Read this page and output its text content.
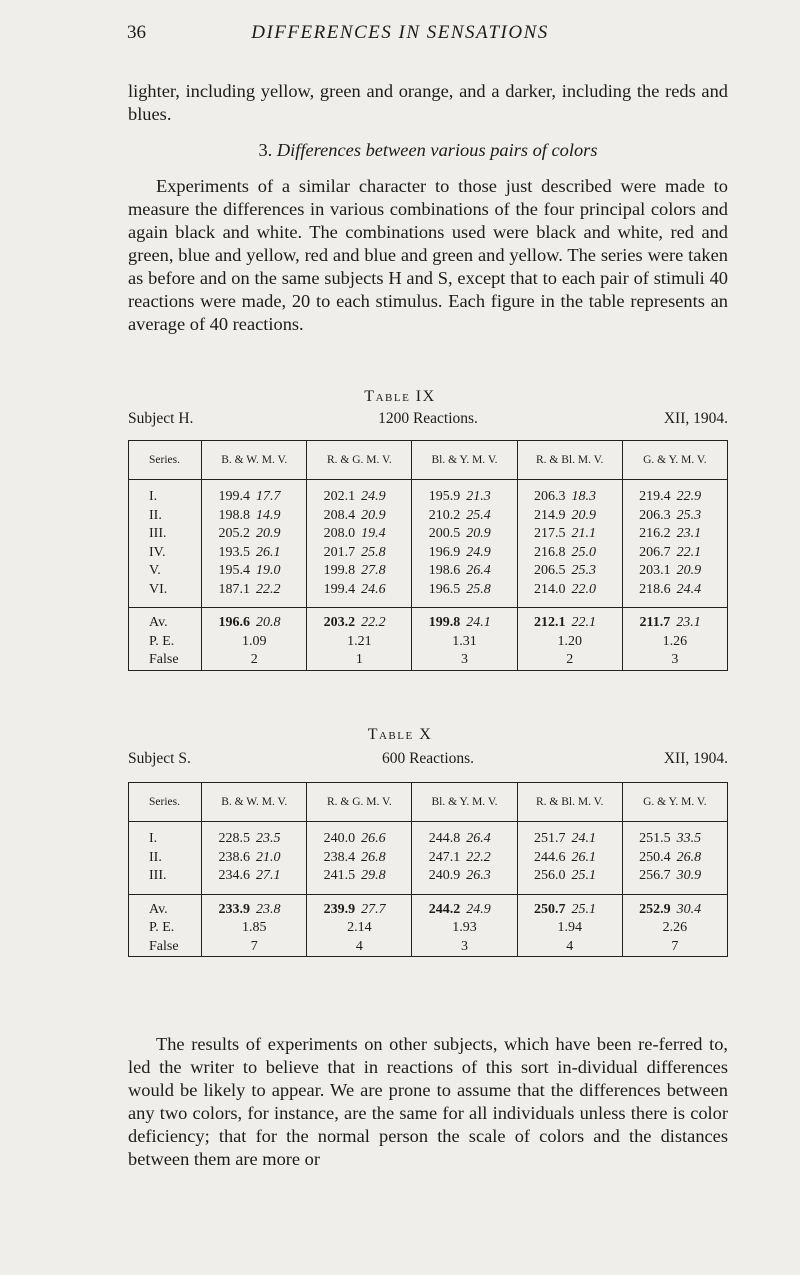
36	DIFFERENCES IN SENSATIONS

lighter, including yellow, green and orange, and a darker, including the reds and blues.

3. Differences between various pairs of colors

Experiments of a similar character to those just described were made to measure the differences in various combinations of the four principal colors and again black and white. The combinations used were black and white, red and green, blue and yellow, red and blue and green and yellow. The series were taken as before and on the same subjects H and S, except that to each pair of stimuli 40 reactions were made, 20 to each stimulus. Each figure in the table represents an average of 40 reactions.

Table IX
Subject H.	1200 Reactions.	XII, 1904.
Series.	B. & W. M. V.	R. & G. M. V.	Bl. & Y. M. V.	R. & Bl. M. V.	G. & Y. M. V.
I.	199.4 17.7	202.1 24.9	195.9 21.3	206.3 18.3	219.4 22.9
II.	198.8 14.9	208.4 20.9	210.2 25.4	214.9 20.9	206.3 25.3
III.	205.2 20.9	208.0 19.4	200.5 20.9	217.5 21.1	216.2 23.1
IV.	193.5 26.1	201.7 25.8	196.9 24.9	216.8 25.0	206.7 22.1
V.	195.4 19.0	199.8 27.8	198.6 26.4	206.5 25.3	203.1 20.9
VI.	187.1 22.2	199.4 24.6	196.5 25.8	214.0 22.0	218.6 24.4
Av.	196.6 20.8	203.2 22.2	199.8 24.1	212.1 22.1	211.7 23.1
P. E.	1.09	1.21	1.31	1.20	1.26
False	2	1	3	2	3
Table X
Subject S.	600 Reactions.	XII, 1904.
Series.	B. & W. M. V.	R. & G. M. V.	Bl. & Y. M. V.	R. & Bl. M. V.	G. & Y. M. V.
I.	228.5 23.5	240.0 26.6	244.8 26.4	251.7 24.1	251.5 33.5
II.	238.6 21.0	238.4 26.8	247.1 22.2	244.6 26.1	250.4 26.8
III.	234.6 27.1	241.5 29.8	240.9 26.3	256.0 25.1	256.7 30.9
Av.	233.9 23.8	239.9 27.7	244.2 24.9	250.7 25.1	252.9 30.4
P. E.	1.85	2.14	1.93	1.94	2.26
False	7	4	3	4	7

The results of experiments on other subjects, which have been re-ferred to, led the writer to believe that in reactions of this sort in-dividual differences would be likely to appear. We are prone to assume that the differences between any two colors, for instance, are the same for all individuals unless there is color deficiency; that for the normal person the scale of colors and the distances between them are more or
